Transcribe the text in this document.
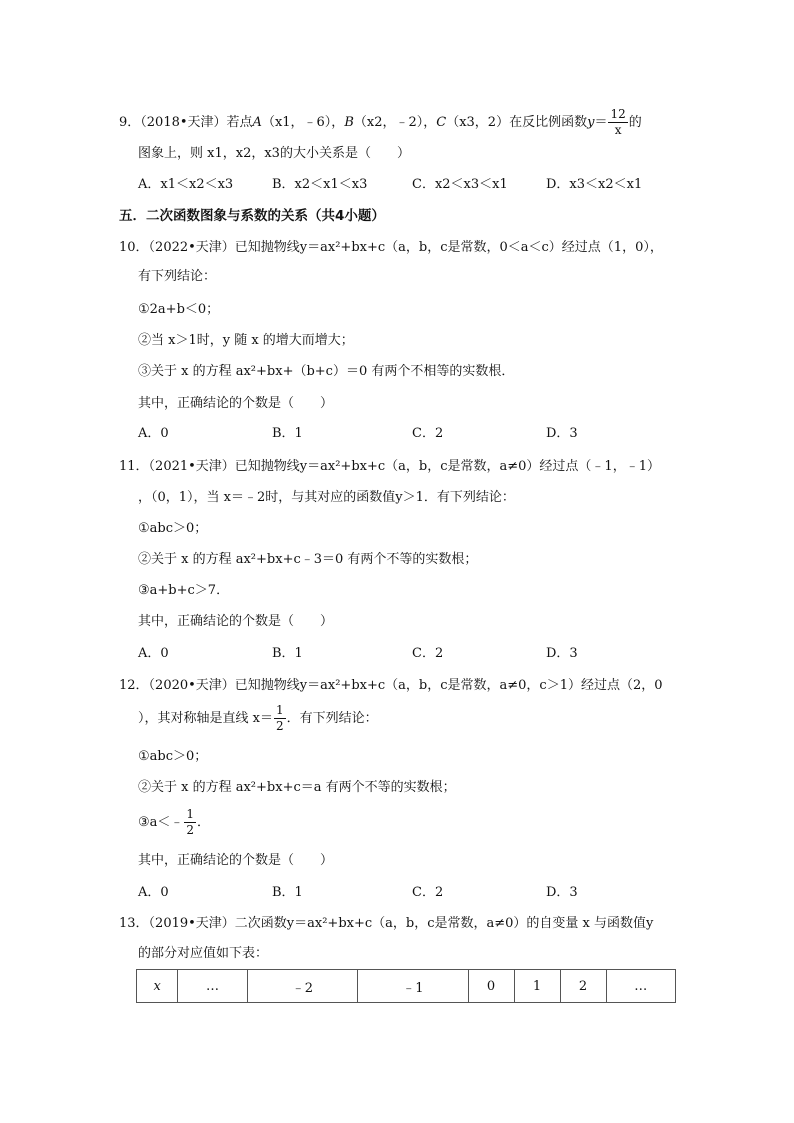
9．（2018•天津）若点A（x1，﹣6），B（x2，﹣2），C（x3，2）在反比例函数$y= \frac{12}{x}$ 的
图象上，则 x1，x2，x3的大小关系是（　　）
A．x1＜x2＜x3	B．x2＜x1＜x3	C．x2＜x3＜x1	D．x3＜x2＜x1
五．二次函数图象与系数的关系（共4小题）
10．（2022•天津）已知抛物线y＝ax²+bx+c（a，b，c是常数，0＜a＜c）经过点（1，0），
有下列结论：
①2a+b＜0；
②当 x＞1时，y 随 x 的增大而增大；
③关于 x 的方程 ax²+bx+（b+c）＝0 有两个不相等的实数根．
其中，正确结论的个数是（　　）
A．0	B．1	C．2	D．3
11．（2021•天津）已知抛物线y＝ax²+bx+c（a，b，c是常数，a≠0）经过点（﹣1，﹣1）
，（0，1），当 x＝﹣2时，与其对应的函数值y＞1．有下列结论：
①abc＞0；
②关于 x 的方程 ax²+bx+c﹣3＝0 有两个不等的实数根；
③a+b+c＞7．
其中，正确结论的个数是（　　）
A．0	B．1	C．2	D．3
12．（2020•天津）已知抛物线y＝ax²+bx+c（a，b，c是常数，a≠0，c＞1）经过点（2，0
），其对称轴是直线 $x= \frac{1}{2}$ ．有下列结论：
①abc＞0；
②关于 x 的方程 ax²+bx+c＝a 有两个不等的实数根；
③a＜﹣ $\frac{1}{2}$ ．
其中，正确结论的个数是（　　）
A．0	B．1	C．2	D．3
13．（2019•天津）二次函数y＝ax²+bx+c（a，b，c是常数，a≠0）的自变量 x 与函数值y
的部分对应值如下表：
x	…	﹣2	﹣1	0	1	2	…
